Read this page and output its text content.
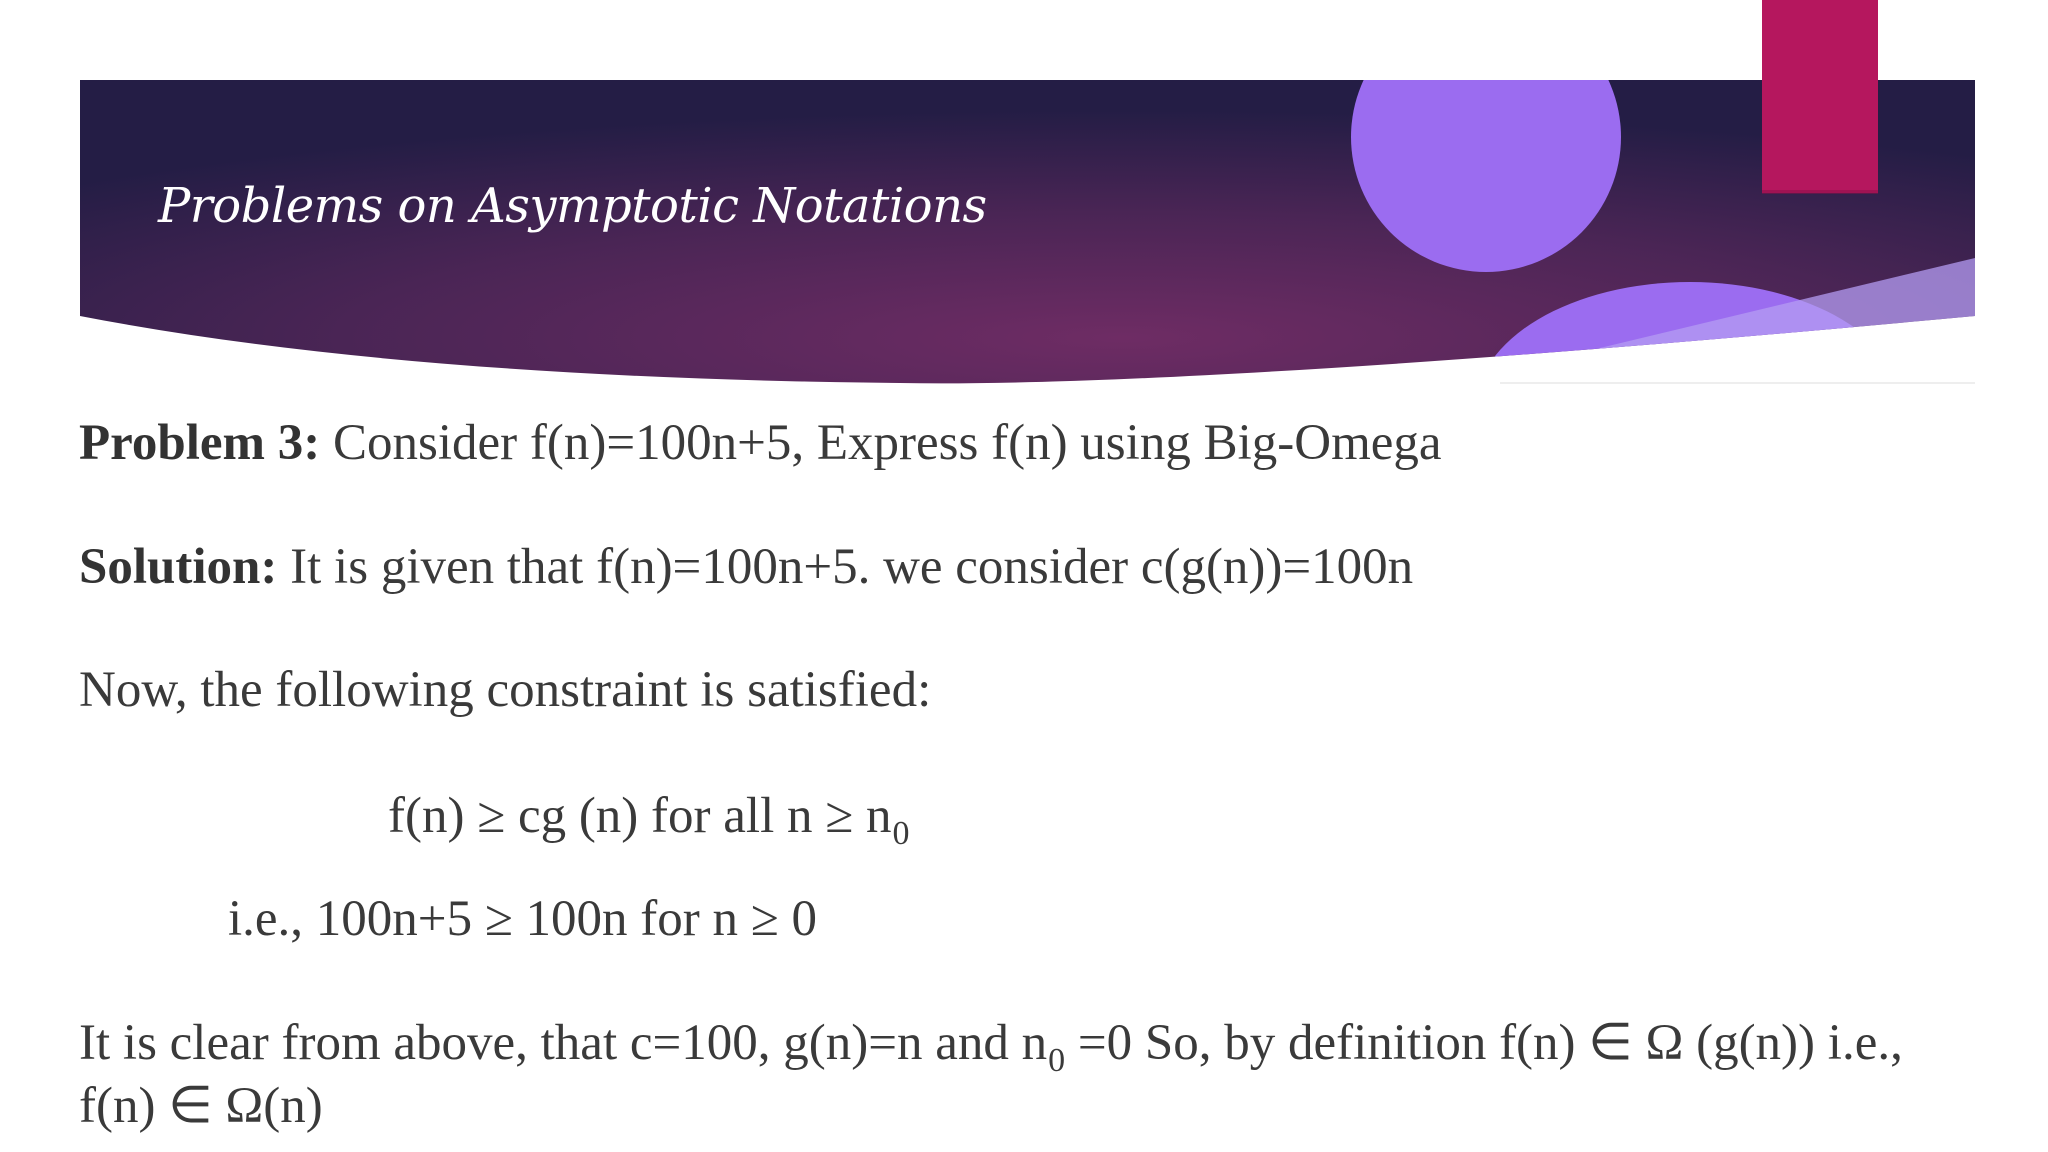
Problems on Asymptotic Notations
Problem 3: Consider f(n)=100n+5, Express f(n) using Big-Omega
Solution: It is given that f(n)=100n+5. we consider c(g(n))=100n
Now, the following constraint is satisfied:
f(n) ≥ cg (n) for all $n \ge n_0$
i.e., 100n+5 ≥ 100n for n ≥ 0
It is clear from above, that c=100, g(n)=n and $n_0 =0$ So, by definition f(n) ∈ Ω (g(n)) i.e.,
f(n) ∈ Ω(n)
